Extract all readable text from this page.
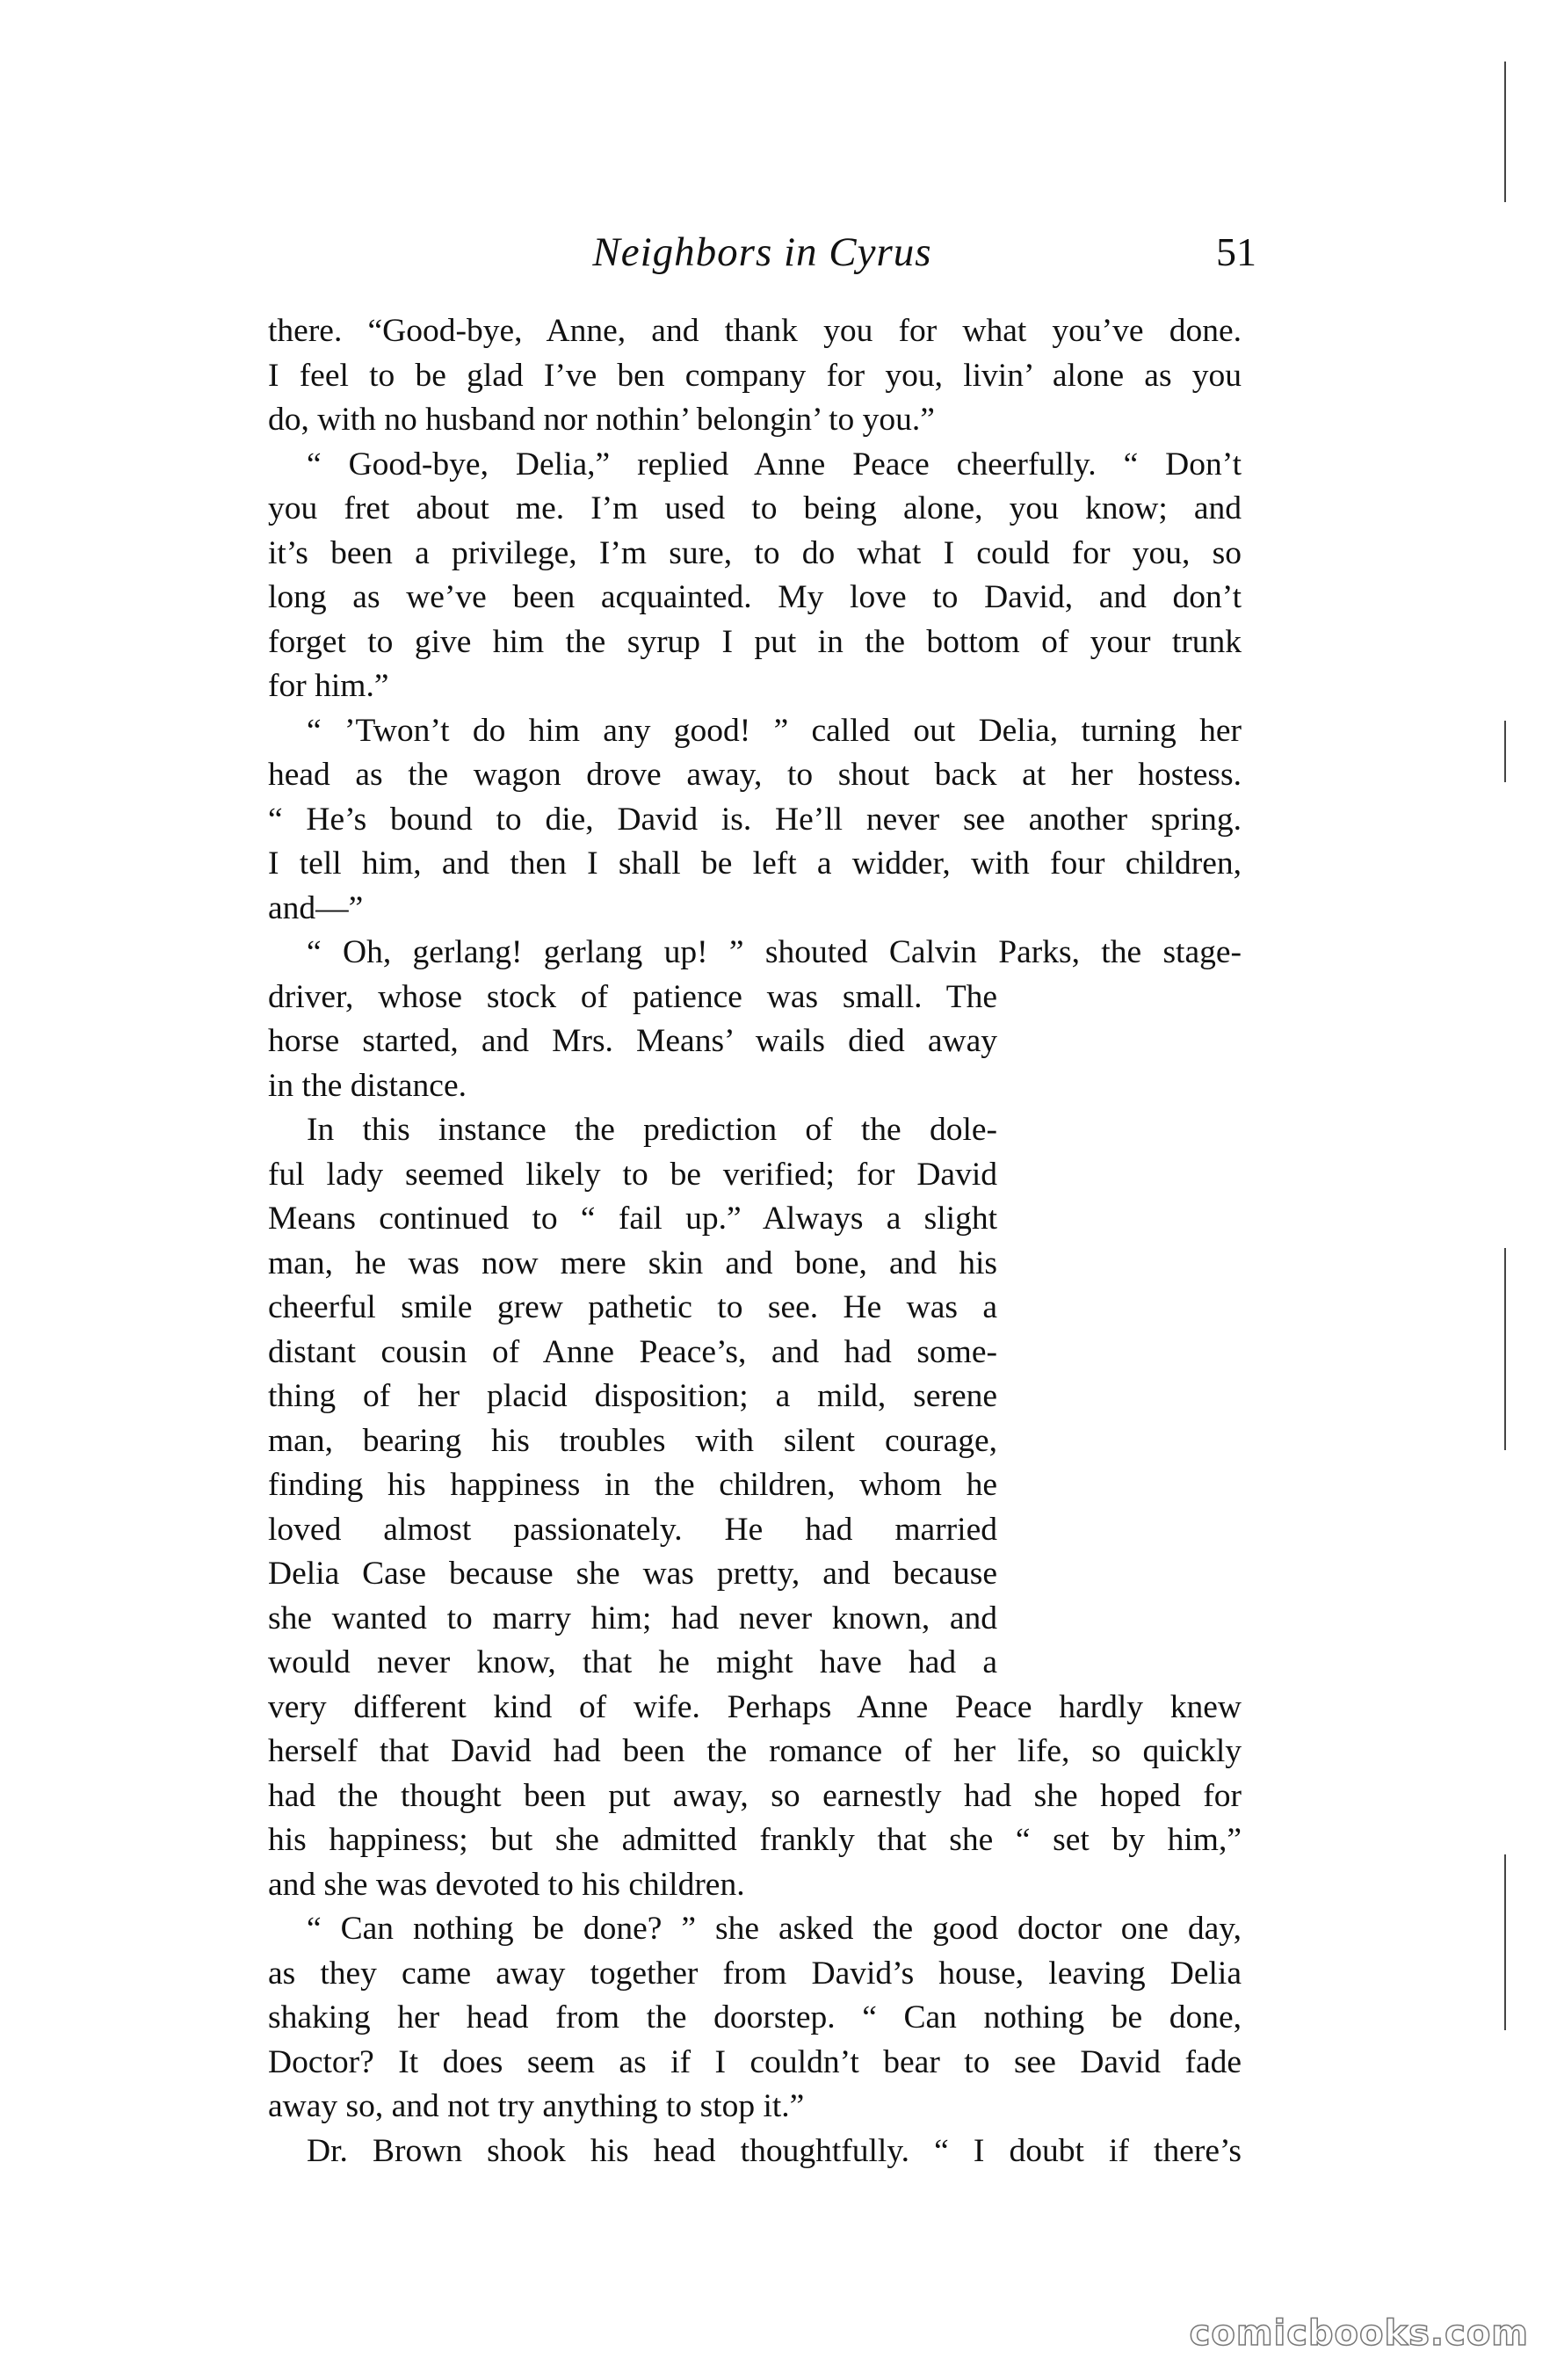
Neighbors in Cyrus	51
there. “Good-bye, Anne, and thank you for what you’ve done.
I feel to be glad I’ve ben company for you, livin’ alone as you
do, with no husband nor nothin’ belongin’ to you.”
“ Good-bye, Delia,” replied Anne Peace cheerfully. “ Don’t
you fret about me. I’m used to being alone, you know; and
it’s been a privilege, I’m sure, to do what I could for you, so
long as we’ve been acquainted. My love to David, and don’t
forget to give him the syrup I put in the bottom of your trunk
for him.”
“ ’Twon’t do him any good! ” called out Delia, turning her
head as the wagon drove away, to shout back at her hostess.
“ He’s bound to die, David is. He’ll never see another spring.
I tell him, and then I shall be left a widder, with four children,
and—”
“ Oh, gerlang! gerlang up! ” shouted Calvin Parks, the stage-
driver, whose stock of patience was small. The
horse started, and Mrs. Means’ wails died away
in the distance.
In this instance the prediction of the dole-
ful lady seemed likely to be verified; for David
Means continued to “ fail up.” Always a slight
man, he was now mere skin and bone, and his
cheerful smile grew pathetic to see. He was a
distant cousin of Anne Peace’s, and had some-
thing of her placid disposition; a mild, serene
man, bearing his troubles with silent courage,
finding his happiness in the children, whom he
loved almost passionately. He had married
Delia Case because she was pretty, and because
she wanted to marry him; had never known, and
would never know, that he might have had a
very different kind of wife. Perhaps Anne Peace hardly knew
herself that David had been the romance of her life, so quickly
had the thought been put away, so earnestly had she hoped for
his happiness; but she admitted frankly that she “ set by him,”
and she was devoted to his children.
“ Can nothing be done? ” she asked the good doctor one day,
as they came away together from David’s house, leaving Delia
shaking her head from the doorstep. “ Can nothing be done,
Doctor? It does seem as if I couldn’t bear to see David fade
away so, and not try anything to stop it.”
Dr. Brown shook his head thoughtfully. “ I doubt if there’s
comicbooks.com
